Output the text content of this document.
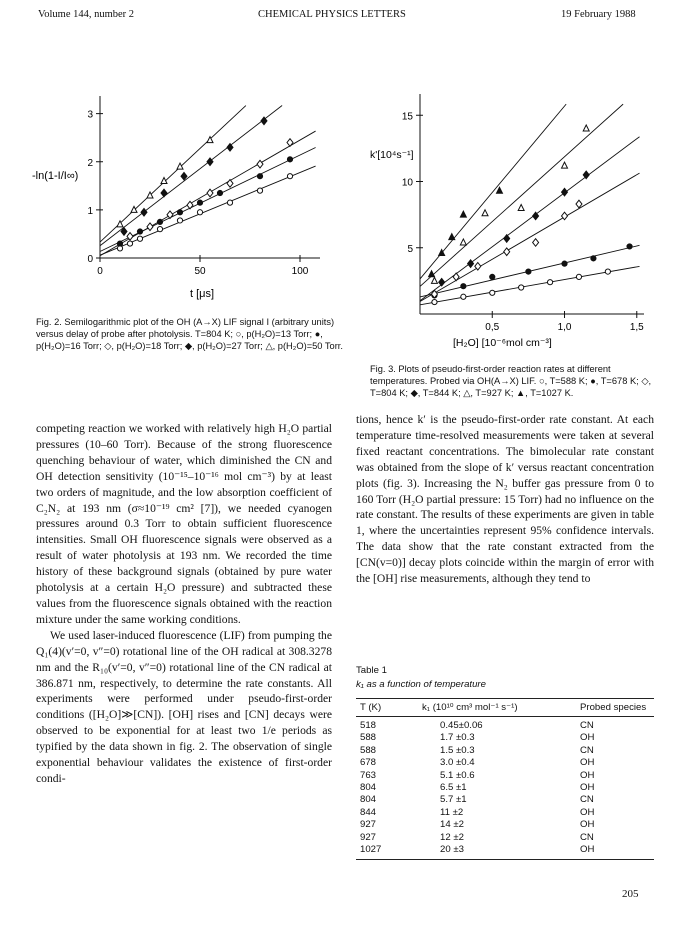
Volume 144, number 2	CHEMICAL PHYSICS LETTERS	19 February 1988
0
1
2
3
0	50	100
-ln(1-I/I∞)
t [μs]
Fig. 2. Semilogarithmic plot of the OH (A→X) LIF signal I (arbitrary units) versus delay of probe after photolysis. T=804 K; ○, p(H₂O)=13 Torr; ●, p(H₂O)=16 Torr; ◇, p(H₂O)=18 Torr; ◆, p(H₂O)=27 Torr; △, p(H₂O)=50 Torr.
5
10
15
0,5	1,0	1,5
k'[10⁴s⁻¹]
[H₂O] [10⁻⁶mol cm⁻³]
Fig. 3. Plots of pseudo-first-order reaction rates at different temperatures. Probed via OH(A→X) LIF. ○, T=588 K; ●, T=678 K; ◇, T=804 K; ◆, T=844 K; △, T=927 K; ▲, T=1027 K.

competing reaction we worked with relatively high H₂O partial pressures (10–60 Torr). Because of the strong fluorescence quenching behaviour of water, which diminished the CN and OH detection sensitivity (10⁻¹⁵–10⁻¹⁶ mol cm⁻³) by at least two orders of magnitude, and the low absorption coefficient of C₂N₂ at 193 nm (σ≈10⁻¹⁹ cm² [7]), we needed cyanogen pressures around 0.3 Torr to obtain sufficient fluorescence intensities. Small OH fluorescence signals were observed as a result of water photolysis at 193 nm. We recorded the time history of these background signals (obtained by pure water photolysis at a certain H₂O pressure) and subtracted these values from the fluorescence signals obtained with the reaction mixture under the same working conditions.

We used laser-induced fluorescence (LIF) from pumping the Q₁(4)(v′=0, v″=0) rotational line of the OH radical at 308.3278 nm and the R₁₀(v′=0, v″=0) rotational line of the CN radical at 386.871 nm, respectively, to determine the rate constants. All experiments were performed under pseudo-first-order conditions ([H₂O]≫[CN]). [OH] rises and [CN] decays were observed to be exponential for at least two 1/e periods as typified by the data shown in fig. 2. The observation of single exponential behaviour validates the existence of first-order condi-

tions, hence k′ is the pseudo-first-order rate constant. At each temperature time-resolved measurements were taken at several fixed reactant concentrations. The bimolecular rate constant was obtained from the slope of k′ versus reactant concentration plots (fig. 3). Increasing the N₂ buffer gas pressure from 0 to 160 Torr (H₂O partial pressure: 15 Torr) had no influence on the rate constant. The results of these experiments are given in table 1, where the uncertainties represent 95% confidence intervals. The data show that the rate constant extracted from the [CN(v=0)] decay plots coincide within the margin of error with the [OH] rise measurements, although they tend to

Table 1
k₁ as a function of temperature
T (K)	k₁ (10¹⁰ cm³ mol⁻¹ s⁻¹)	Probed species
518	0.45±0.06	CN
588	1.7 ±0.3	OH
588	1.5 ±0.3	CN
678	3.0 ±0.4	OH
763	5.1 ±0.6	OH
804	6.5 ±1	OH
804	5.7 ±1	CN
844	11 ±2	OH
927	14 ±2	OH
927	12 ±2	CN
1027	20 ±3	OH
205
